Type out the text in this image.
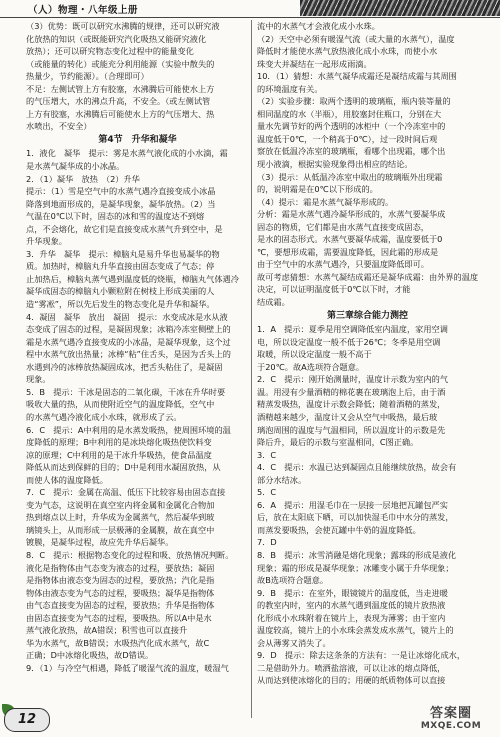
（人）物理・八年级上册

（3）优势：既可以研究水沸腾的规律，还可以研究液

化放热的知识（或既能研究汽化吸热又能研究液化

放热）；还可以研究物态变化过程中的能量变化

（或能量的转化）或能充分利用能源（实验中散失的

热量少，节约能源）。（合理即可）

不足：左侧试管上方有胶塞，水沸腾后可能使水上方

的气压增大，水的沸点升高，不安全。（或左侧试管

上方有胶塞，水沸腾后可能使水上方的气压增大、热

水喷出，不安全）

第4节　升华和凝华

1．液化　凝华　提示：雾是水蒸气液化成的小水滴，霜

是水蒸气凝华成的小冰晶。

2．（1）凝华　放热　（2）升华

提示：（1）雪是空气中的水蒸气遇冷直接变成小冰晶

降落到地面形成的，是凝华现象，凝华放热。（2）当

气温在0℃以下时，固态的冰和雪的温度达不到熔

点，不会熔化，故它们是直接变成水蒸气升到空中，是

升华现象。

3．升华　凝华　提示：樟脑丸是易升华也易凝华的物

质。加热时，樟脑丸升华直接由固态变成了气态；停

止加热后，樟脑丸蒸气遇到温度低的烧瓶，樟脑丸气体遇冷

凝华成固态的樟脑丸小颗粒附在树枝上形成美丽的人

造“雾凇”，所以先后发生的物态变化是升华和凝华。

4．凝固　凝华　放出　凝固　提示：水变成冰是水从液

态变成了固态的过程，是凝固现象；冰箱冷冻室侧壁上的

霜是水蒸气遇冷直接变成的小冰晶，是凝华现象，这个过

程中水蒸气放出热量；冰棒“粘”住舌头，是因为舌头上的

水遇到冷的冰棒放热凝固成冰，把舌头粘住了，是凝固

现象。

5．B　提示：干冰是固态的二氧化碳，干冰在升华时要

吸收大量的热，从而使附近空气的温度降低，空气中

的水蒸气遇冷液化成小水珠，就形成了云。

6．C　提示：A中利用的是水蒸发吸热，使周围环境的温

度降低的原理；B中利用的是冰块熔化吸热使饮料变

凉的原理；C中利用的是干冰升华吸热，使食品温度

降低从而达到保鲜的目的；D中是利用水凝固放热，从

而使人体的温度降低。

7．C　提示：金属在高温、低压下比较容易由固态直接

变为气态，这说明在真空室内将金属和金属化合物加

热到熔点以上时，升华成为金属蒸气，然后凝华到玻

璃镜头上，从而形成一层极薄的金属膜，故在真空中

镀膜，是凝华过程，故应先升华后凝华。

8．C　提示：根据物态变化的过程和吸、放热情况判断。

液化是指物体由气态变为液态的过程，要放热；凝固

是指物体由液态变为固态的过程，要放热；汽化是指

物体由液态变为气态的过程，要吸热；凝华是指物体

由气态直接变为固态的过程，要放热；升华是指物体

由固态直接变为气态的过程，要吸热。所以A中是水

蒸气液化放热，故A错误；积雪也可以直接升

华为水蒸气，故B错误；水吸热汽化成水蒸气，故C

正确；D中冰熔化吸热，故D错误。

9．（1）与冷空气相遇，降低了暖湿气流的温度，暖湿气

流中的水蒸气才会液化成小水珠。

（2）天空中必须有暖湿气流（或大量的水蒸气），温度

降低时才能使水蒸气放热液化成小水珠，而使小水

珠变大并凝结在一起形成雨滴。

10．（1）猜想：水蒸气凝华成霜还是凝结成霜与其周围

的环境温度有关。

（2）实验步骤：取两个透明的玻璃瓶，瓶内装等量的

相同温度的水（半瓶），用胶塞封住瓶口，分别在大

量水先调节好的两个透明的冰柜中（一个冷冻室中的

温度低于0℃，一个稍高于0℃），过一段时间后观

察放在低温冷冻室的玻璃瓶，看哪个出现霜，哪个出

现小液滴，根据实验现象得出相应的结论。

（3）提示：从低温冷冻室中取出的玻璃瓶外出现霜

的，说明霜是在0℃以下形成的。

（4）提示：霜是水蒸气凝华形成的。

分析：霜是水蒸气遇冷凝华形成的，水蒸气要凝华成

固态的物质，它们都是由水蒸气直接变成固态，

是水的固态形式。水蒸气要凝华成霜，温度要低于0

℃，要想形成霜，需要温度降低，因此霜的形成是

由于空气中的水蒸气遇冷，只要温度降低即可。

故可考虑猜想：水蒸气凝结成霜还是凝华成霜：由外界的温度

决定，可以证明温度低于0℃以下时，才能

结成霜。

第三章综合能力测控

1．A　提示：夏季是用空调降低室内温度，家用空调

电，所以设定温度一般不低于26℃；冬季是用空调

取暖，所以设定温度一般不高于

于20℃。故A选项符合题意。

2．C　提示：刚开始测量时，温度计示数为室内的气

温。用浸有少量酒精的棉花裹在玻璃泡上后，由于酒

精蒸发吸热，温度计示数会降低；随着酒精的蒸发，

酒精越来越少，温度计又会从空气中吸热，最后玻

璃泡周围的温度与气温相同，所以温度计的示数是先

降后升，最后的示数与室温相同，C图正确。

3．C

4．C　提示：水温已达到凝固点且能继续放热，故会有

部分水结冰。

5．C

6．A　提示：用湿毛巾在一层接一层地把瓦罐包严实

后，放在太阳底下晒，可以加快湿毛巾中水分的蒸发，

而蒸发要吸热，会使瓦罐中牛奶的温度降低。

7．D

8．B　提示：冰雪消融是熔化现象；露珠的形成是液化

现象；霜的形成是凝华现象；冰雕变小属于升华现象；

故B选项符合题意。

9．B　提示：在室外，眼镜镜片的温度低，当走进暖

的教室内时，室内的水蒸气遇到温度低的镜片放热液

化形成小水珠附着在镜片上，表现为薄雾；由于室内

温度较高，镜片上的小水珠会蒸发成水蒸气，镜片上的

会从薄雾又消失了。

9．D　提示：除去这条条的方法有：一是让冰熔化成水，

二是借助外力。喷洒盐溶液，可以让冰的熔点降低，

从而达到使冰熔化的目的；用硬的纸质物体可以直接

12	答案圈
MXQE.COM
